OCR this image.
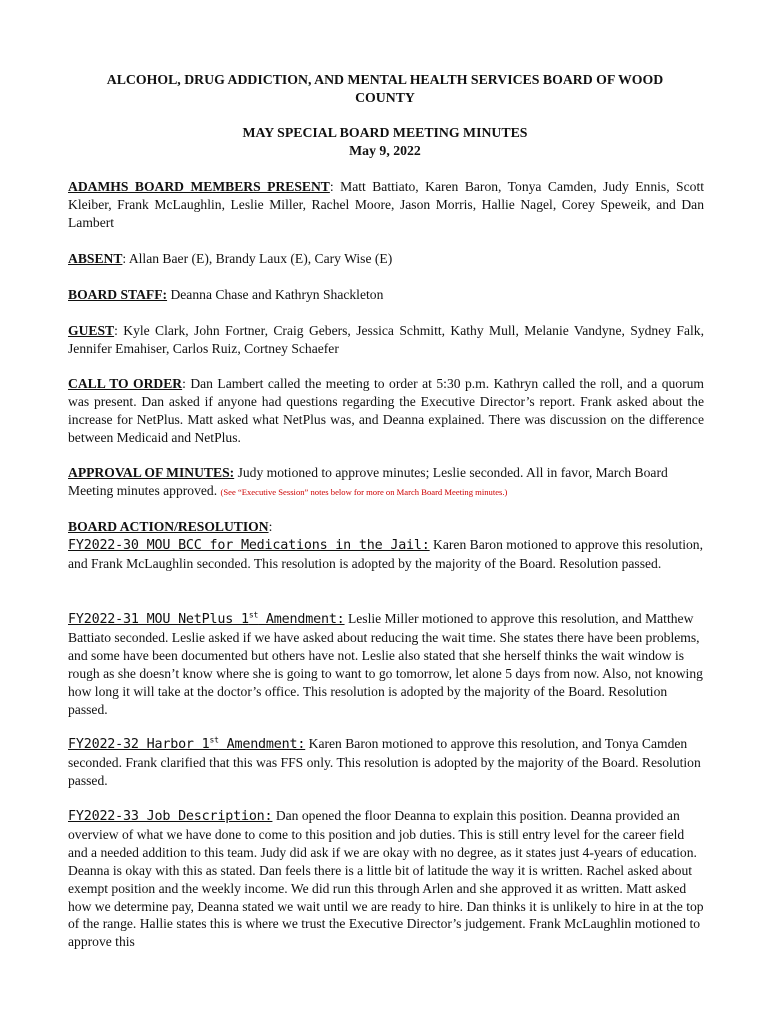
ALCOHOL, DRUG ADDICTION, AND MENTAL HEALTH SERVICES BOARD OF WOOD
COUNTY
MAY SPECIAL BOARD MEETING MINUTES
May 9, 2022

ADAMHS BOARD MEMBERS PRESENT: Matt Battiato, Karen Baron, Tonya Camden, Judy Ennis, Scott Kleiber, Frank McLaughlin, Leslie Miller, Rachel Moore, Jason Morris, Hallie Nagel, Corey Speweik, and Dan Lambert

ABSENT: Allan Baer (E), Brandy Laux (E), Cary Wise (E)

BOARD STAFF: Deanna Chase and Kathryn Shackleton

GUEST: Kyle Clark, John Fortner, Craig Gebers, Jessica Schmitt, Kathy Mull, Melanie Vandyne, Sydney Falk, Jennifer Emahiser, Carlos Ruiz, Cortney Schaefer

CALL TO ORDER: Dan Lambert called the meeting to order at 5:30 p.m. Kathryn called the roll, and a quorum was present. Dan asked if anyone had questions regarding the Executive Director’s report. Frank asked about the increase for NetPlus. Matt asked what NetPlus was, and Deanna explained. There was discussion on the difference between Medicaid and NetPlus.

APPROVAL OF MINUTES: Judy motioned to approve minutes; Leslie seconded. All in favor, March Board Meeting minutes approved. (See “Executive Session” notes below for more on March Board Meeting minutes.)

BOARD ACTION/RESOLUTION:
FY2022-30 MOU BCC for Medications in the Jail: Karen Baron motioned to approve this resolution, and Frank McLaughlin seconded. This resolution is adopted by the majority of the Board. Resolution passed.

FY2022-31 MOU NetPlus 1st Amendment: Leslie Miller motioned to approve this resolution, and Matthew Battiato seconded. Leslie asked if we have asked about reducing the wait time. She states there have been problems, and some have been documented but others have not. Leslie also stated that she herself thinks the wait window is rough as she doesn’t know where she is going to want to go tomorrow, let alone 5 days from now. Also, not knowing how long it will take at the doctor’s office. This resolution is adopted by the majority of the Board. Resolution passed.

FY2022-32 Harbor 1st Amendment: Karen Baron motioned to approve this resolution, and Tonya Camden seconded. Frank clarified that this was FFS only. This resolution is adopted by the majority of the Board. Resolution passed.

FY2022-33 Job Description: Dan opened the floor Deanna to explain this position. Deanna provided an overview of what we have done to come to this position and job duties. This is still entry level for the career field and a needed addition to this team. Judy did ask if we are okay with no degree, as it states just 4-years of education. Deanna is okay with this as stated. Dan feels there is a little bit of latitude the way it is written. Rachel asked about exempt position and the weekly income. We did run this through Arlen and she approved it as written. Matt asked how we determine pay, Deanna stated we wait until we are ready to hire. Dan thinks it is unlikely to hire in at the top of the range. Hallie states this is where we trust the Executive Director’s judgement. Frank McLaughlin motioned to approve this
